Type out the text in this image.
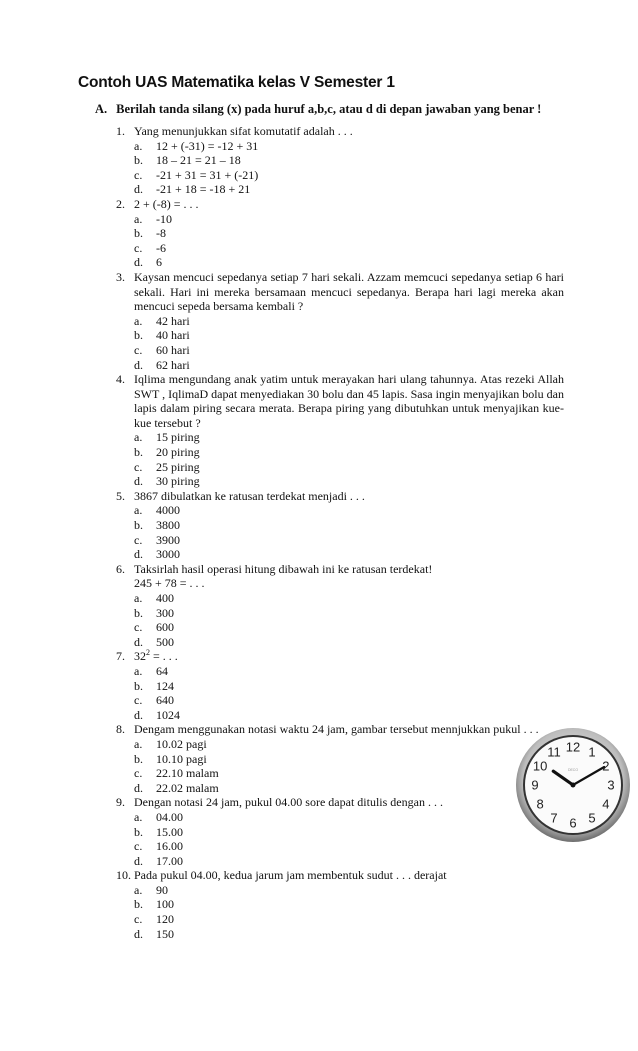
Contoh UAS Matematika kelas V Semester 1
A. Berilah tanda silang (x) pada huruf a,b,c, atau d di depan jawaban yang benar !
1. Yang menunjukkan sifat komutatif adalah . . .
a. 12 + (-31) = -12 + 31
b. 18 – 21 = 21 – 18
c. -21 + 31 = 31 + (-21)
d. -21 + 18 = -18 + 21
2. 2 + (-8) = . . .
a. -10
b. -8
c. -6
d. 6
3. Kaysan mencuci sepedanya setiap 7 hari sekali. Azzam memcuci sepedanya setiap 6 hari sekali. Hari ini mereka bersamaan mencuci sepedanya. Berapa hari lagi mereka akan mencuci sepeda bersama kembali ?
a. 42 hari
b. 40 hari
c. 60 hari
d. 62 hari
4. Iqlima mengundang anak yatim untuk merayakan hari ulang tahunnya. Atas rezeki Allah SWT , IqlimaD dapat menyediakan 30 bolu dan 45 lapis. Sasa ingin menyajikan bolu dan lapis dalam piring secara merata. Berapa piring yang dibutuhkan untuk menyajikan kue-kue tersebut ?
a. 15 piring
b. 20 piring
c. 25 piring
d. 30 piring
5. 3867 dibulatkan ke ratusan terdekat menjadi . . .
a. 4000
b. 3800
c. 3900
d. 3000
6. Taksirlah hasil operasi hitung dibawah ini ke ratusan terdekat!
245 + 78 = . . .
a. 400
b. 300
c. 600
d. 500
7. $32^2$ = . . .
a. 64
b. 124
c. 640
d. 1024
8. Dengam menggunakan notasi waktu 24 jam, gambar tersebut mennjukkan pukul . . .
a. 10.02 pagi
b. 10.10 pagi
c. 22.10 malam
d. 22.02 malam
9. Dengan notasi 24 jam, pukul 04.00 sore dapat ditulis dengan . . .
a. 04.00
b. 15.00
c. 16.00
d. 17.00
10. Pada pukul 04.00, kedua jarum jam membentuk sudut . . . derajat
a. 90
b. 100
c. 120
d. 150
12 1
2
3
4
5
6
7
8
9
10
11
DECO
